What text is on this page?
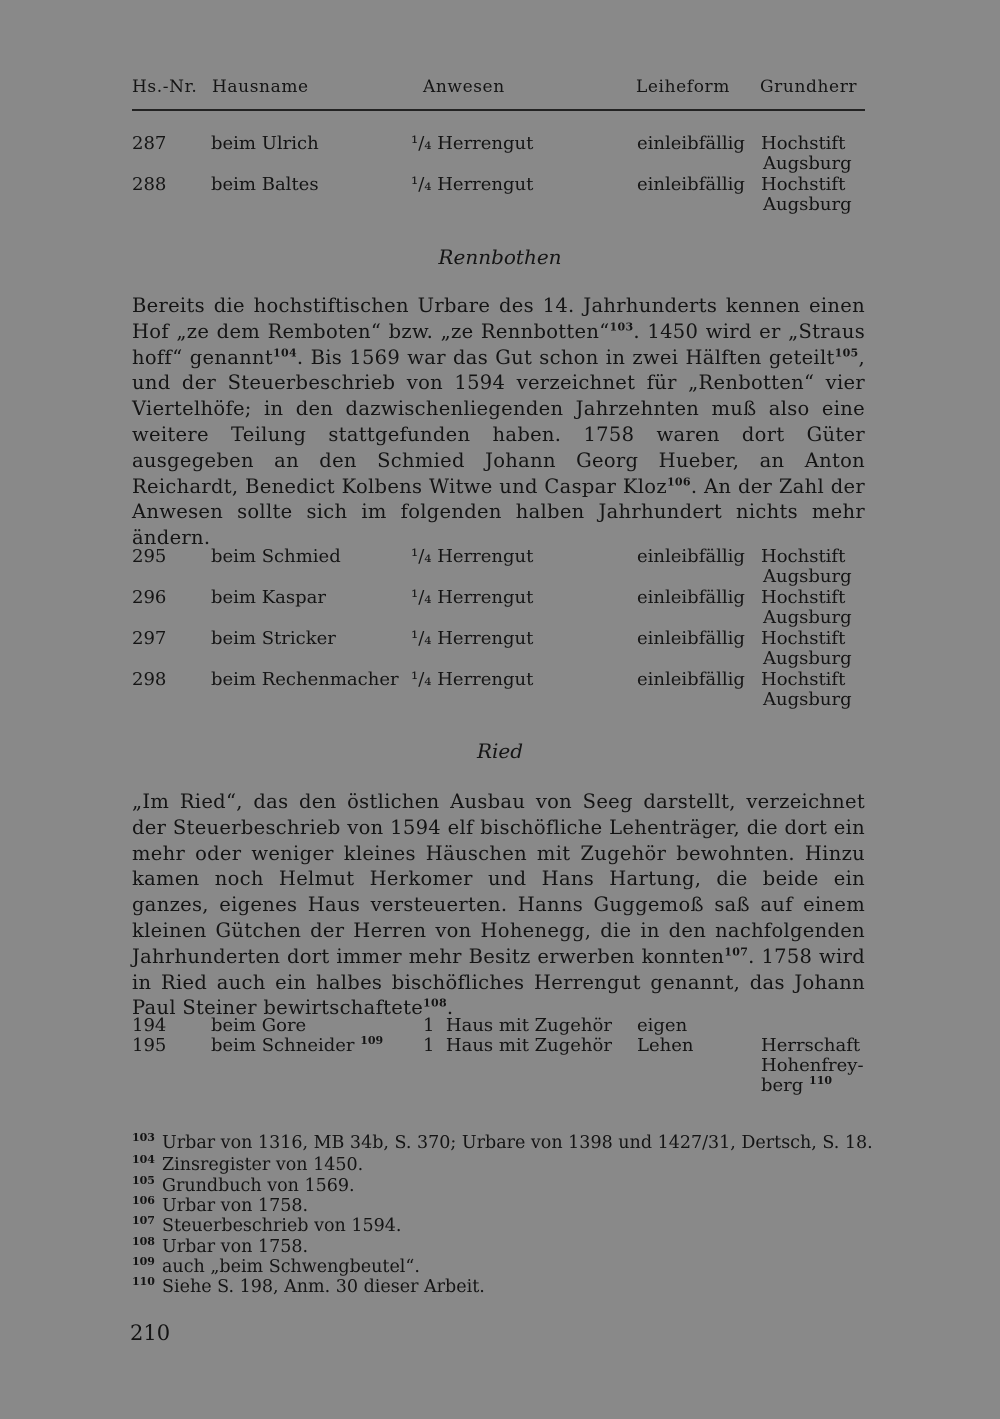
Hs.-Nr. Hausname	Anwesen	Leiheform Grundherr
287 beim Ulrich	¹/₄ Herrengut	einleibfällig Hochstift
Augsburg
288 beim Baltes	¹/₄ Herrengut	einleibfällig Hochstift
Augsburg
Rennbothen

Bereits die hochstiftischen Urbare des 14. Jahrhunderts kennen einen Hof „ze dem Remboten“ bzw. „ze Rennbotten“$^{103}$. 1450 wird er „Straus hoff“ genannt$^{104}$. Bis 1569 war das Gut schon in zwei Hälften geteilt$^{105}$, und der Steuerbeschrieb von 1594 verzeichnet für „Renbotten“ vier Viertelhöfe; in den dazwischenliegenden Jahrzehnten muß also eine weitere Teilung stattgefunden haben. 1758 waren dort Güter ausgegeben an den Schmied Johann Georg Hueber, an Anton Reichardt, Benedict Kolbens Witwe und Caspar Kloz$^{106}$. An der Zahl der Anwesen sollte sich im folgenden halben Jahrhundert nichts mehr ändern.

295 beim Schmied	¹/₄ Herrengut	einleibfällig Hochstift
Augsburg
296 beim Kaspar	¹/₄ Herrengut	einleibfällig Hochstift
Augsburg
297 beim Stricker	¹/₄ Herrengut	einleibfällig Hochstift
Augsburg
298 beim Rechenmacher ¹/₄ Herrengut	einleibfällig Hochstift
Augsburg
Ried

„Im Ried“, das den östlichen Ausbau von Seeg darstellt, verzeichnet der Steuerbeschrieb von 1594 elf bischöfliche Lehenträger, die dort ein mehr oder weniger kleines Häuschen mit Zugehör bewohnten. Hinzu kamen noch Helmut Herkomer und Hans Hartung, die beide ein ganzes, eigenes Haus versteuerten. Hanns Guggemoß saß auf einem kleinen Gütchen der Herren von Hohenegg, die in den nachfolgenden Jahrhunderten dort immer mehr Besitz erwerben konnten$^{107}$. 1758 wird in Ried auch ein halbes bischöfliches Herrengut genannt, das Johann Paul Steiner bewirtschaftete$^{108}$.

194 beim Gore	1  Haus mit Zugehör eigen
195 beim Schneider $^{109}$ 1  Haus mit Zugehör Lehen	Herrschaft
Hohenfrey-
berg $^{110}$
103 Urbar von 1316, MB 34b, S. 370; Urbare von 1398 und 1427/31, Dertsch, S. 18.
104 Zinsregister von 1450.
105 Grundbuch von 1569.
106 Urbar von 1758.
107 Steuerbeschrieb von 1594.
108 Urbar von 1758.
109 auch „beim Schwengbeutel“.
110 Siehe S. 198, Anm. 30 dieser Arbeit.
210
